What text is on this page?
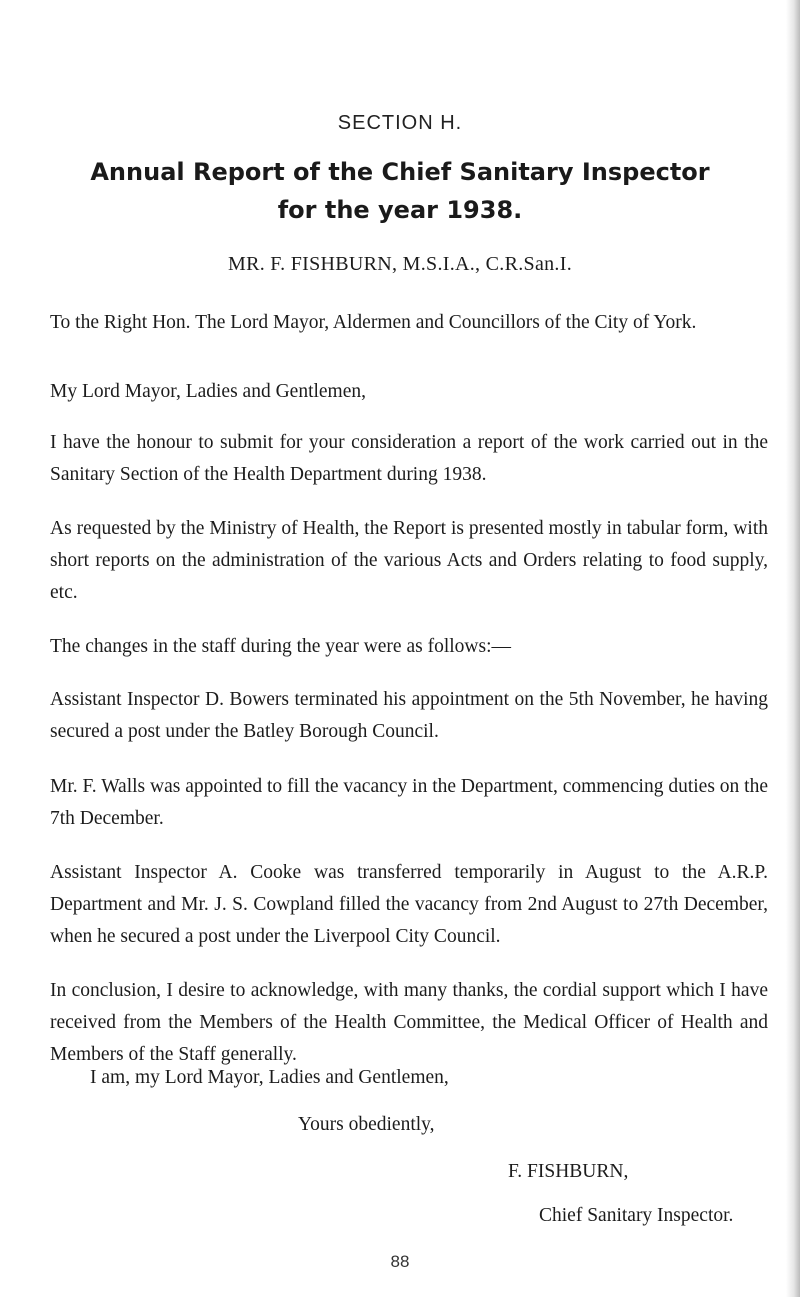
SECTION H.
Annual Report of the Chief Sanitary Inspector
for the year 1938.
MR. F. FISHBURN, M.S.I.A., C.R.San.I.

To the Right Hon. The Lord Mayor, Aldermen and Councillors of the City of York.

My Lord Mayor, Ladies and Gentlemen,

I have the honour to submit for your consideration a report of the work carried out in the Sanitary Section of the Health Department during 1938.

As requested by the Ministry of Health, the Report is presented mostly in tabular form, with short reports on the administration of the various Acts and Orders relating to food supply, etc.

The changes in the staff during the year were as follows:—

Assistant Inspector D. Bowers terminated his appointment on the 5th November, he having secured a post under the Batley Borough Council.

Mr. F. Walls was appointed to fill the vacancy in the Department, commencing duties on the 7th December.

Assistant Inspector A. Cooke was transferred temporarily in August to the A.R.P. Department and Mr. J. S. Cowpland filled the vacancy from 2nd August to 27th December, when he secured a post under the Liverpool City Council.

In conclusion, I desire to acknowledge, with many thanks, the cordial support which I have received from the Members of the Health Committee, the Medical Officer of Health and Members of the Staff generally.

I am, my Lord Mayor, Ladies and Gentlemen,
Yours obediently,
F. FISHBURN,
Chief Sanitary Inspector.
88
